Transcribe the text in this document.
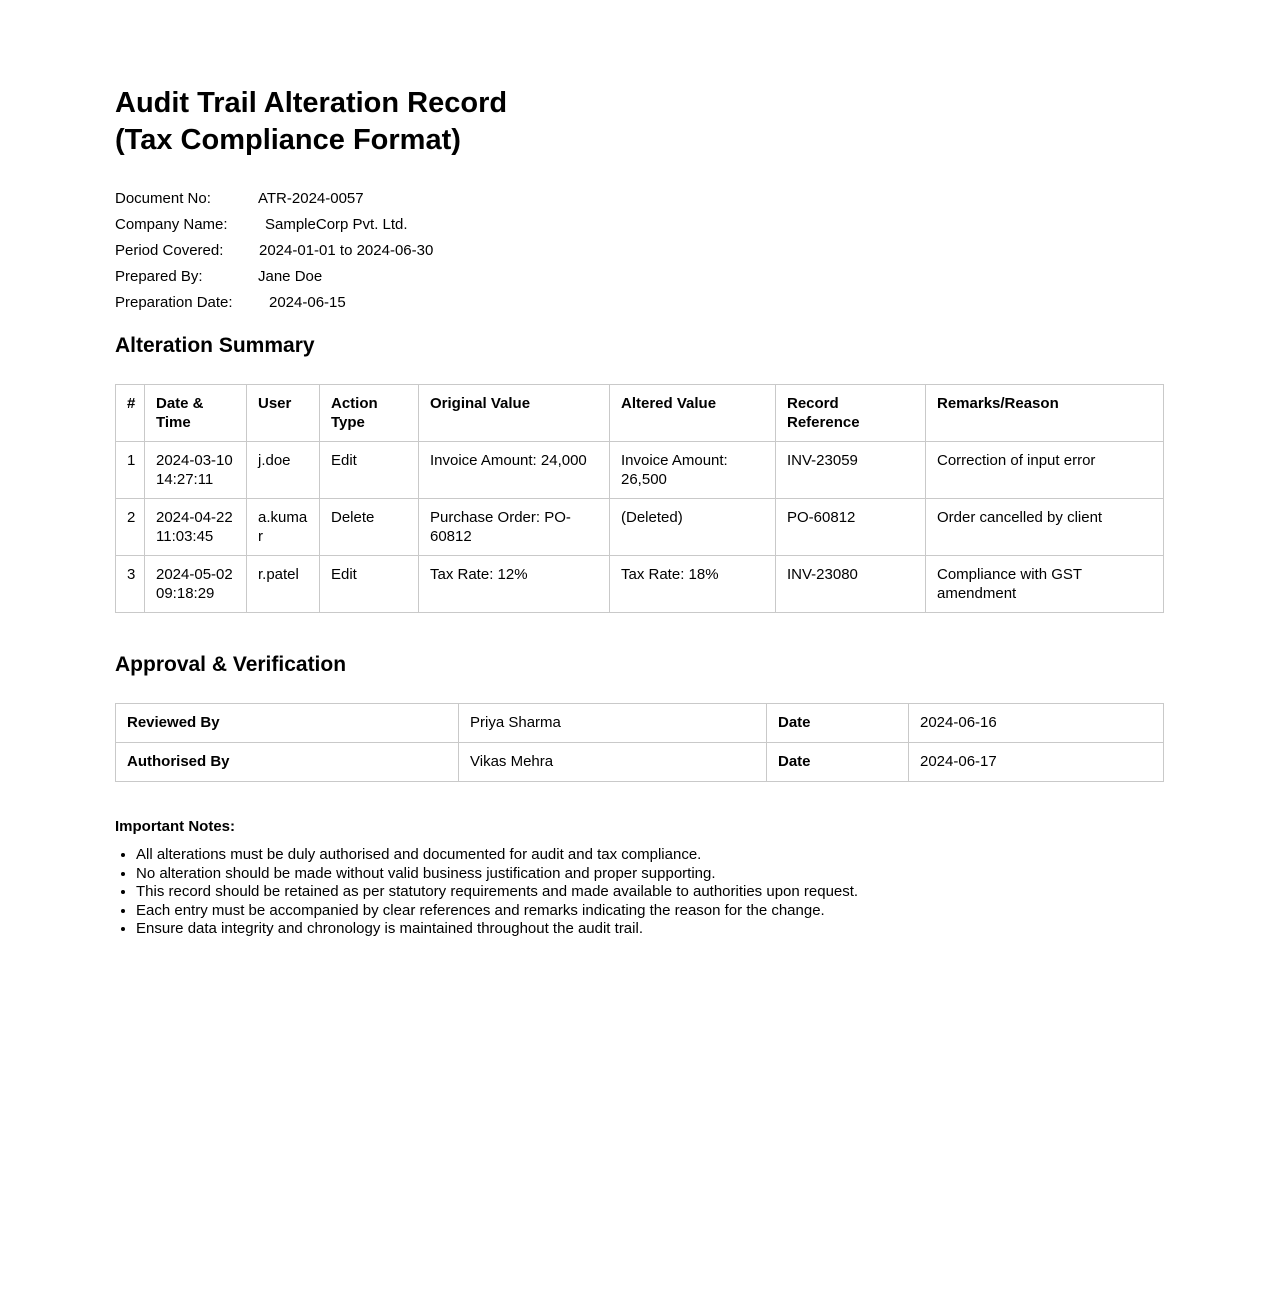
Audit Trail Alteration Record
(Tax Compliance Format)
Document No:	ATR-2024-0057
Company Name:	SampleCorp Pvt. Ltd.
Period Covered:	2024-01-01 to 2024-06-30
Prepared By:	Jane Doe
Preparation Date:	2024-06-15
Alteration Summary
#	Date & Time	User	Action Type	Original Value	Altered Value	Record Reference	Remarks/Reason
1	2024-03-10 14:27:11	j.doe	Edit	Invoice Amount: 24,000	Invoice Amount: 26,500	INV-23059	Correction of input error
2	2024-04-22 11:03:45	a.kumar	Delete	Purchase Order: PO-60812	(Deleted)	PO-60812	Order cancelled by client
3	2024-05-02 09:18:29	r.patel	Edit	Tax Rate: 12%	Tax Rate: 18%	INV-23080	Compliance with GST amendment
Approval & Verification
Reviewed By	Priya Sharma	Date	2024-06-16
Authorised By	Vikas Mehra	Date	2024-06-17
Important Notes:
• All alterations must be duly authorised and documented for audit and tax compliance.
• No alteration should be made without valid business justification and proper supporting.
• This record should be retained as per statutory requirements and made available to authorities upon request.
• Each entry must be accompanied by clear references and remarks indicating the reason for the change.
• Ensure data integrity and chronology is maintained throughout the audit trail.
